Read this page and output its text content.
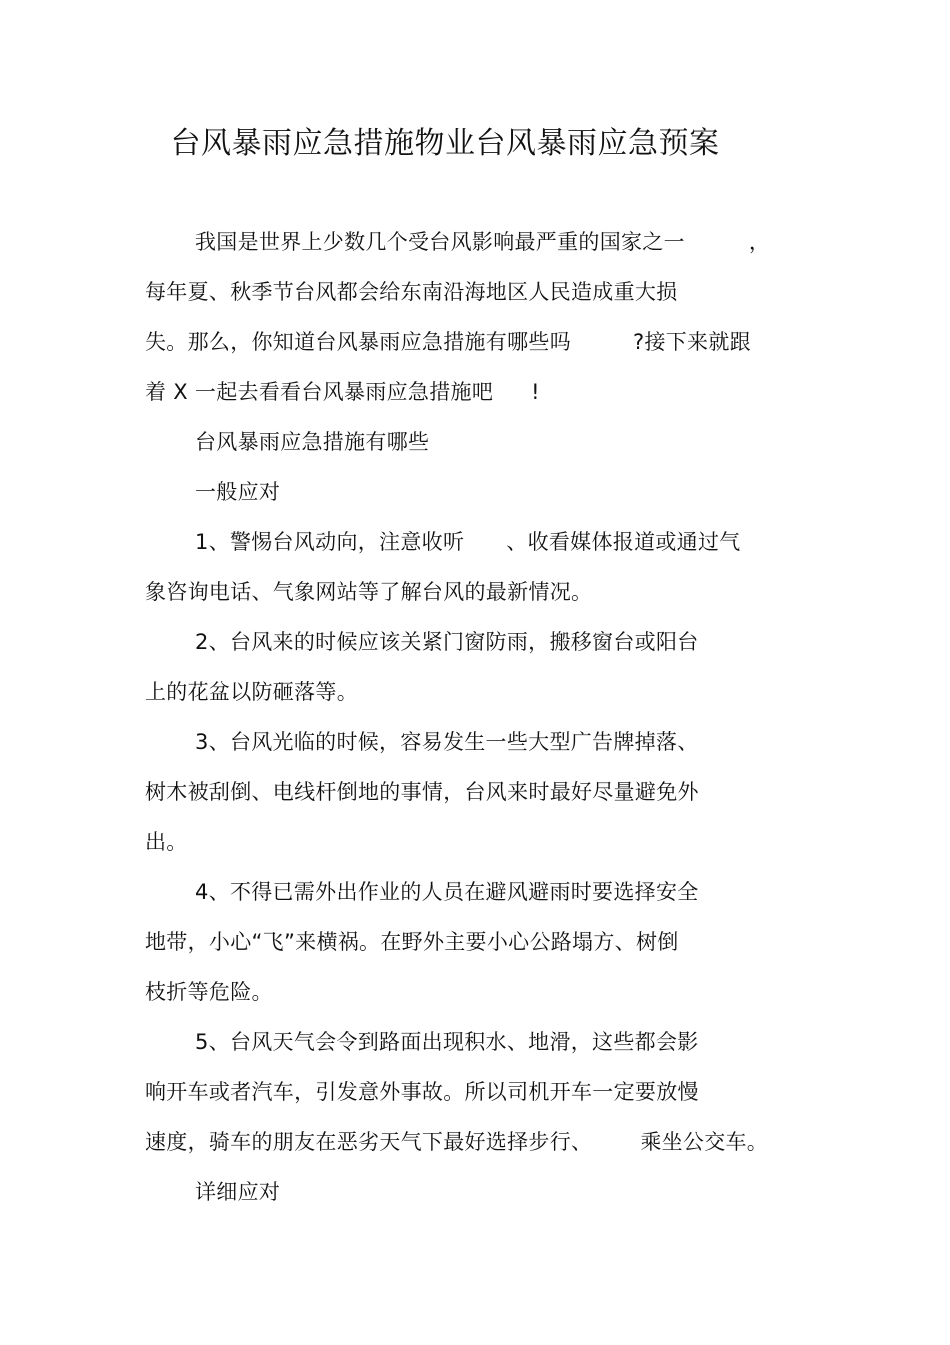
台风暴雨应急措施物业台风暴雨应急预案
我国是世界上少数几个受台风影响最严重的国家之一	，
每年夏、秋季节台风都会给东南沿海地区人民造成重大损
失。那么，你知道台风暴雨应急措施有哪些吗	?接下来就跟
着 X 一起去看看台风暴雨应急措施吧 !
台风暴雨应急措施有哪些
一般应对
1、警惕台风动向，注意收听 、收看媒体报道或通过气
象咨询电话、气象网站等了解台风的最新情况。
2、台风来的时候应该关紧门窗防雨，搬移窗台或阳台
上的花盆以防砸落等。
3、台风光临的时候，容易发生一些大型广告牌掉落、
树木被刮倒、电线杆倒地的事情，台风来时最好尽量避免外
出。
4、不得已需外出作业的人员在避风避雨时要选择安全
地带，小心“飞”来横祸。在野外主要小心公路塌方、树倒
枝折等危险。
5、台风天气会令到路面出现积水、地滑，这些都会影
响开车或者汽车，引发意外事故。所以司机开车一定要放慢
速度，骑车的朋友在恶劣天气下最好选择步行、 乘坐公交车。
详细应对
